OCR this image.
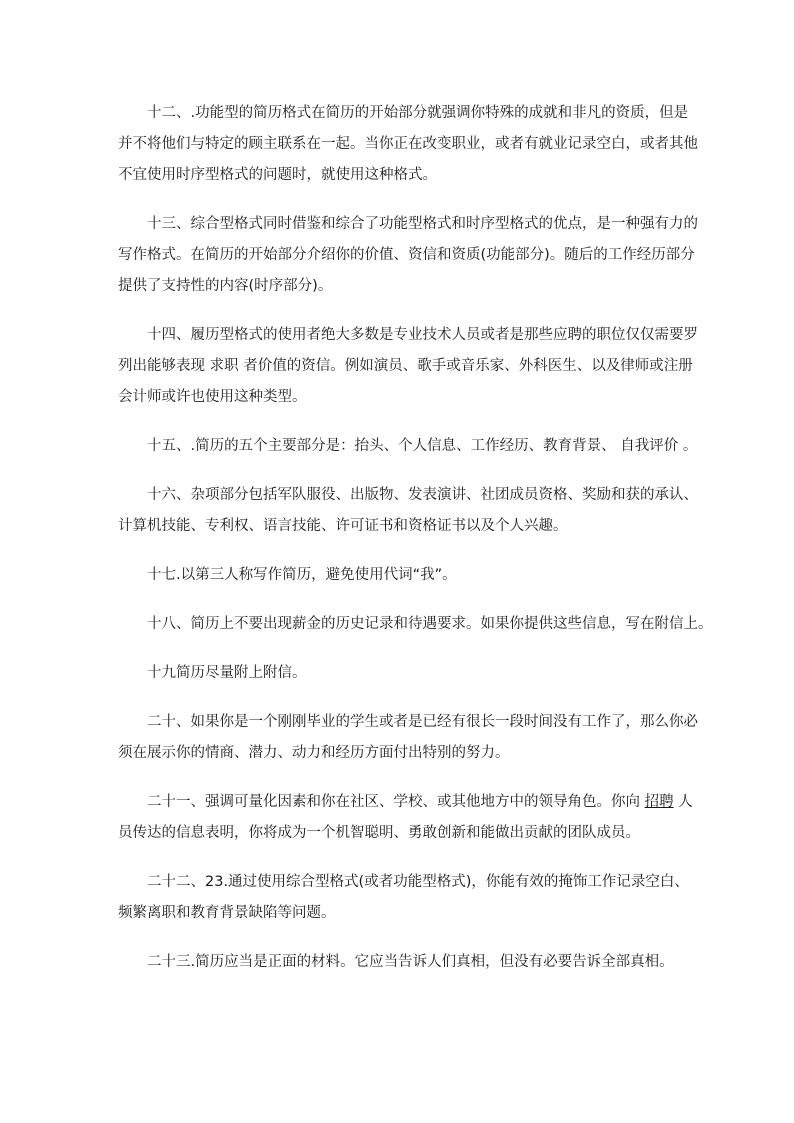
十二、.功能型的简历格式在简历的开始部分就强调你特殊的成就和非凡的资质，但是
并不将他们与特定的顾主联系在一起。当你正在改变职业，或者有就业记录空白，或者其他
不宜使用时序型格式的问题时，就使用这种格式。

十三、综合型格式同时借鉴和综合了功能型格式和时序型格式的优点，是一种强有力的
写作格式。在简历的开始部分介绍你的价值、资信和资质(功能部分)。随后的工作经历部分
提供了支持性的内容(时序部分)。

十四、履历型格式的使用者绝大多数是专业技术人员或者是那些应聘的职位仅仅需要罗
列出能够表现 求职 者价值的资信。例如演员、歌手或音乐家、外科医生、以及律师或注册
会计师或许也使用这种类型。

十五、.简历的五个主要部分是：抬头、个人信息、工作经历、教育背景、 自我评价 。

十六、杂项部分包括军队服役、出版物、发表演讲、社团成员资格、奖励和获的承认、
计算机技能、专利权、语言技能、许可证书和资格证书以及个人兴趣。

十七.以第三人称写作简历，避免使用代词“我”。

十八、简历上不要出现薪金的历史记录和待遇要求。如果你提供这些信息，写在附信上。

十九简历尽量附上附信。

二十、如果你是一个刚刚毕业的学生或者是已经有很长一段时间没有工作了，那么你必
须在展示你的情商、潜力、动力和经历方面付出特别的努力。

二十一、强调可量化因素和你在社区、学校、或其他地方中的领导角色。你向 招聘 人
员传达的信息表明，你将成为一个机智聪明、勇敢创新和能做出贡献的团队成员。

二十二、23.通过使用综合型格式(或者功能型格式)，你能有效的掩饰工作记录空白、
频繁离职和教育背景缺陷等问题。

二十三.简历应当是正面的材料。它应当告诉人们真相，但没有必要告诉全部真相。
